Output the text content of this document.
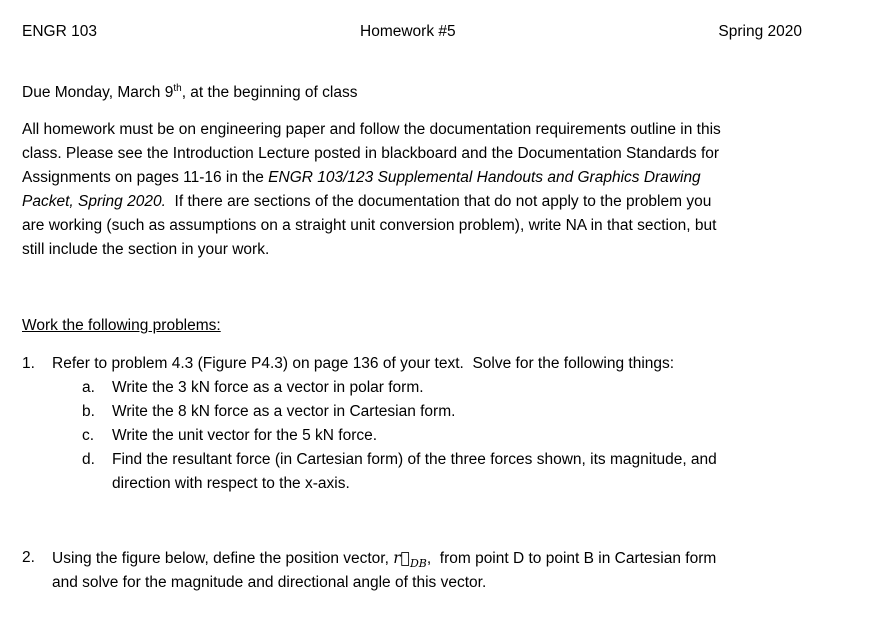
ENGR 103	Homework #5	Spring 2020
Due Monday, March 9th, at the beginning of class
All homework must be on engineering paper and follow the documentation requirements outline in this
class. Please see the Introduction Lecture posted in blackboard and the Documentation Standards for
Assignments on pages 11-16 in the ENGR 103/123 Supplemental Handouts and Graphics Drawing
Packet, Spring 2020.  If there are sections of the documentation that do not apply to the problem you
are working (such as assumptions on a straight unit conversion problem), write NA in that section, but
still include the section in your work.
Work the following problems:
1. Refer to problem 4.3 (Figure P4.3) on page 136 of your text.  Solve for the following things:
a. Write the 3 kN force as a vector in polar form.
b. Write the 8 kN force as a vector in Cartesian form.
c. Write the unit vector for the 5 kN force.
d. Find the resultant force (in Cartesian form) of the three forces shown, its magnitude, and
direction with respect to the x-axis.
2. Using the figure below, define the position vector, $r⃗_{DB}$,  from point D to point B in Cartesian form
and solve for the magnitude and directional angle of this vector.
